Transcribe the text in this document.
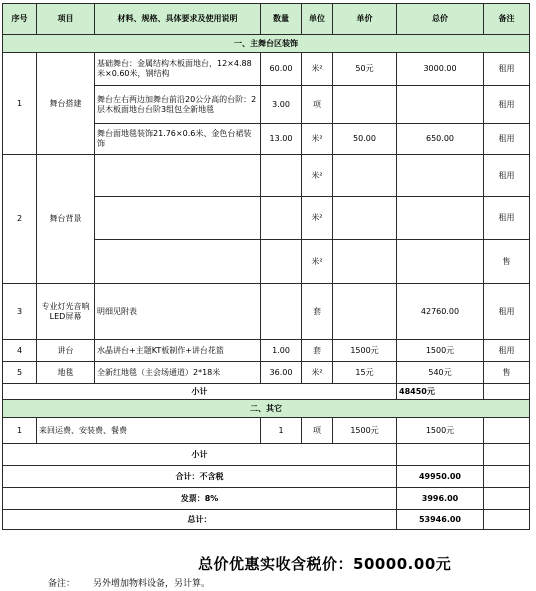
序号	项目	材料、规格、具体要求及使用说明	数量	单位	单价	总价	备注
一、主舞台区装饰							
1	舞台搭建	基础舞台：金属结构木板面地台，12×4.88米×0.60米，钢结构	60.00	米²	50元	3000.00	租用
		舞台左右两边加舞台前沿20公分高的台阶：2层木板面地台台阶3组包全新地毯	3.00	项			租用
		舞台面地毯装饰21.76×0.6米、金色台裙装饰	13.00	米²	50.00	650.00	租用
2	舞台背景			米²			租用
				米²			租用
				米²			售
3	专业灯光音响 LED屏幕	明细见附表		套		42760.00	租用
4	讲台	水晶讲台+主题KT板制作+讲台花篮	1.00	套	1500元	1500元	租用
5	地毯	全新红地毯（主会场通道）2*18米	36.00	米²	15元	540元	售
小计						48450元	
二、其它							
1	来回运费、安装费、餐费		1	项	1500元	1500元	
小计							
合计：不含税						49950.00	
发票：8%						3996.00	
总计：						53946.00	
总价优惠实收含税价：50000.00元
备注： 另外增加物料设备，另计算。
